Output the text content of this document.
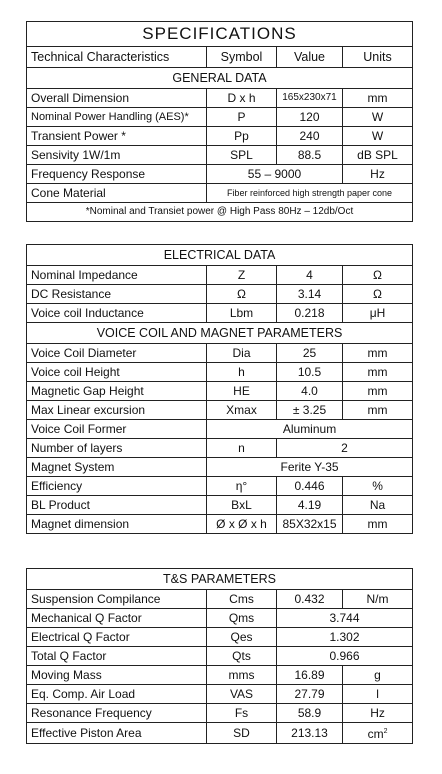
SPECIFICATIONS			
Technical Characteristics	Symbol	Value	Units
GENERAL DATA			
Overall Dimension	D x h	165x230x71	mm
Nominal Power Handling (AES)*	P	120	W
Transient Power *	Pp	240	W
Sensivity 1W/1m	SPL	88.5	dB SPL
Frequency Response	55 – 9000		Hz
Cone Material	Fiber reinforced high strength paper cone		
*Nominal and Transiet power @ High Pass 80Hz – 12db/Oct			
ELECTRICAL DATA			
Nominal Impedance	Z	4	Ω
DC Resistance	Ω	3.14	Ω
Voice coil Inductance	Lbm	0.218	μH
VOICE COIL AND MAGNET PARAMETERS			
Voice Coil Diameter	Dia	25	mm
Voice coil Height	h	10.5	mm
Magnetic Gap Height	HE	4.0	mm
Max Linear excursion	Xmax	± 3.25	mm
Voice Coil Former	Aluminum		
Number of layers	n	2	
Magnet System	Ferite Y-35		
Efficiency	η°	0.446	%
BL Product	BxL	4.19	Na
Magnet dimension	Ø x Ø x h	85X32x15	mm
T&S PARAMETERS			
Suspension Compilance	Cms	0.432	N/m
Mechanical Q Factor	Qms	3.744	
Electrical Q Factor	Qes	1.302	
Total Q Factor	Qts	0.966	
Moving Mass	mms	16.89	g
Eq. Comp. Air Load	VAS	27.79	l
Resonance Frequency	Fs	58.9	Hz
Effective Piston Area	SD	213.13	$cm^2$
